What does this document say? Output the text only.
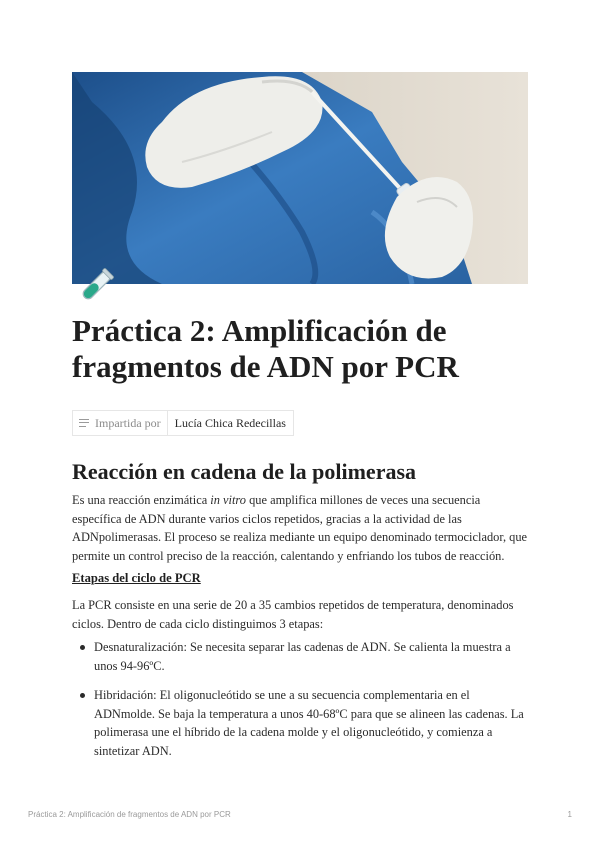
Práctica 2: Amplificación de fragmentos de ADN por PCR
Impartida por	Lucía Chica Redecillas
Reacción en cadena de la polimerasa

Es una reacción enzimática in vitro que amplifica millones de veces una secuencia específica de ADN durante varios ciclos repetidos, gracias a la actividad de las ADNpolimerasas. El proceso se realiza mediante un equipo denominado termociclador, que permite un control preciso de la reacción, calentando y enfriando los tubos de reacción.

Etapas del ciclo de PCR

La PCR consiste en una serie de 20 a 35 cambios repetidos de temperatura, denominados ciclos. Dentro de cada ciclo distinguimos 3 etapas:

Desnaturalización: Se necesita separar las cadenas de ADN. Se calienta la muestra a unos 94-96ºC.
Hibridación: El oligonucleótido se une a su secuencia complementaria en el ADNmolde. Se baja la temperatura a unos 40-68ºC para que se alineen las cadenas. La polimerasa une el híbrido de la cadena molde y el oligonucleótido, y comienza a sintetizar ADN.
Práctica 2: Amplificación de fragmentos de ADN por PCR	1
